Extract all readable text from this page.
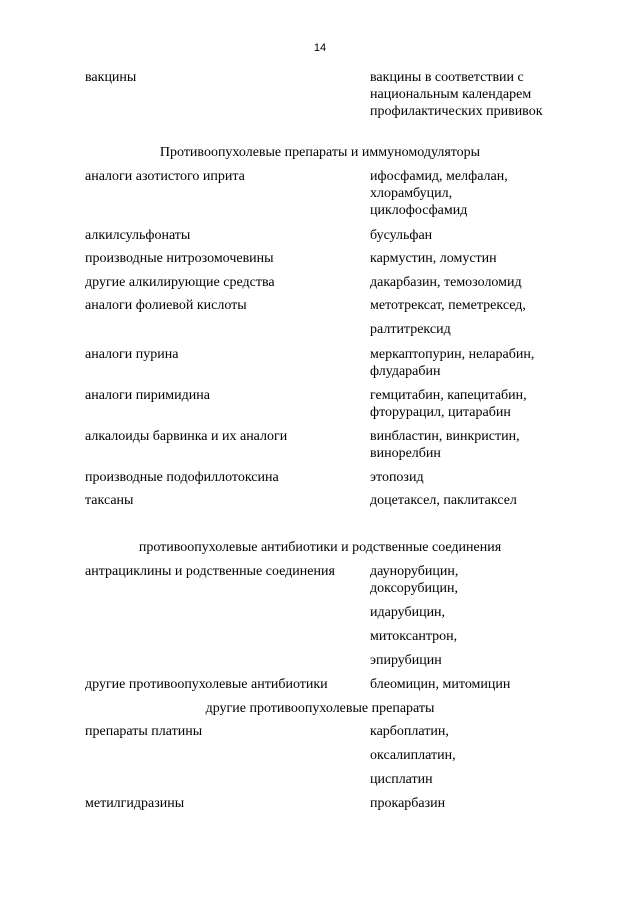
14
вакцины	вакцины в соответствии с национальным календарем профилактических прививок
Противоопухолевые препараты и иммуномодуляторы
аналоги азотистого иприта	ифосфамид, мелфалан,
хлорамбуцил,
циклофосфамид
алкилсульфонаты	бусульфан
производные нитрозомочевины	кармустин, ломустин
другие алкилирующие средства	дакарбазин, темозоломид
аналоги фолиевой кислоты	метотрексат, пеметрексед,
ралтитрексид
аналоги пурина	меркаптопурин, неларабин,
флударабин
аналоги пиримидина	гемцитабин, капецитабин,
фторурацил, цитарабин
алкалоиды барвинка и их аналоги	винбластин, винкристин,
винорелбин
производные подофиллотоксина	этопозид
таксаны	доцетаксел, паклитаксел
противоопухолевые антибиотики и родственные соединения
антрациклины и родственные соединения	даунорубицин,
доксорубицин,
идарубицин,
митоксантрон,
эпирубицин
другие противоопухолевые антибиотики	блеомицин, митомицин
другие противоопухолевые препараты
препараты платины	карбоплатин,
оксалиплатин,
цисплатин
метилгидразины	прокарбазин
